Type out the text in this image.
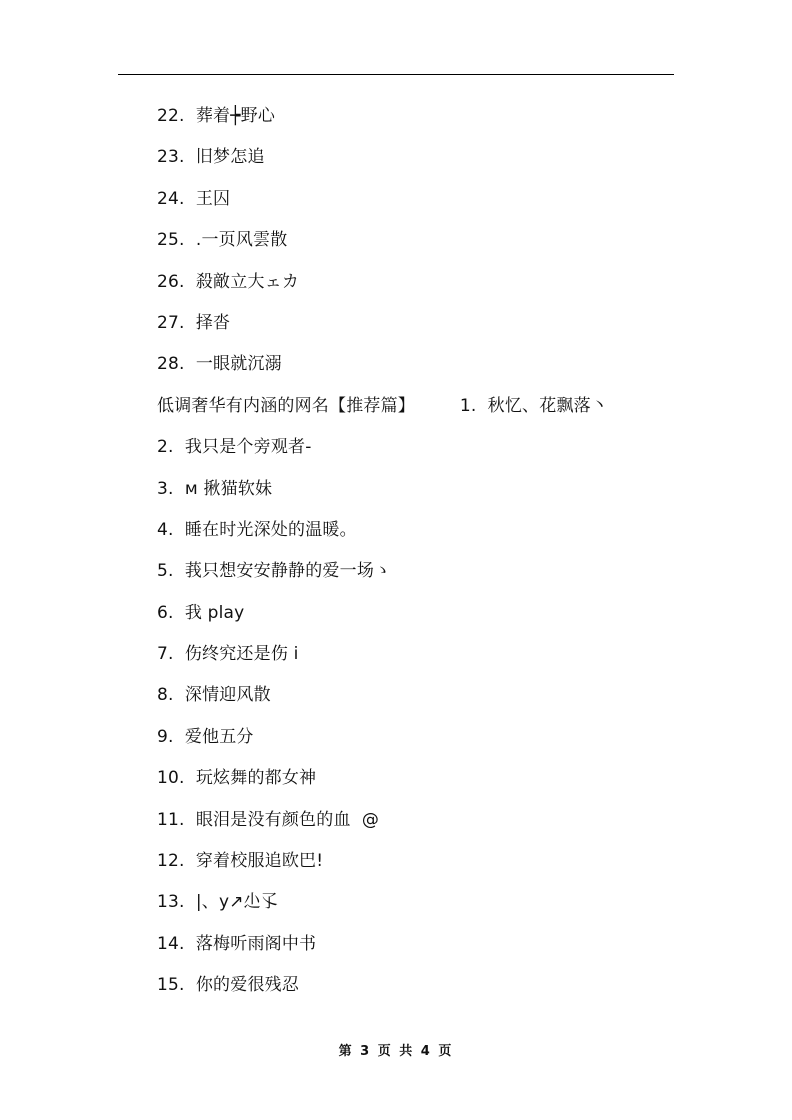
22.  葬着┾野心
23.  旧梦怎追
24.  王囚
25.  .一页风雲散
26.  殺敵立大ェカ
27.  择沓
28.  一眼就沉溺
低调奢华有内涵的网名【推荐篇】        1.  秋忆、花飘落丶
2.  我只是个旁观者-
3.  м 揪猫软妹
4.  睡在时光深处的温暖。
5.  莪只想安安静静的爱一场ゝ
6.  我 play
7.  伤终究还是伤 i
8.  深情迎风散
9.  爱他五分
10.  玩炫舞的都女神
11.  眼泪是没有颜色的血  @
12.  穿着校服追欧巴!
13.  |、y↗尐孓
14.  落梅听雨阁中书
15.  你的爱很残忍
第 3 页 共 4 页
